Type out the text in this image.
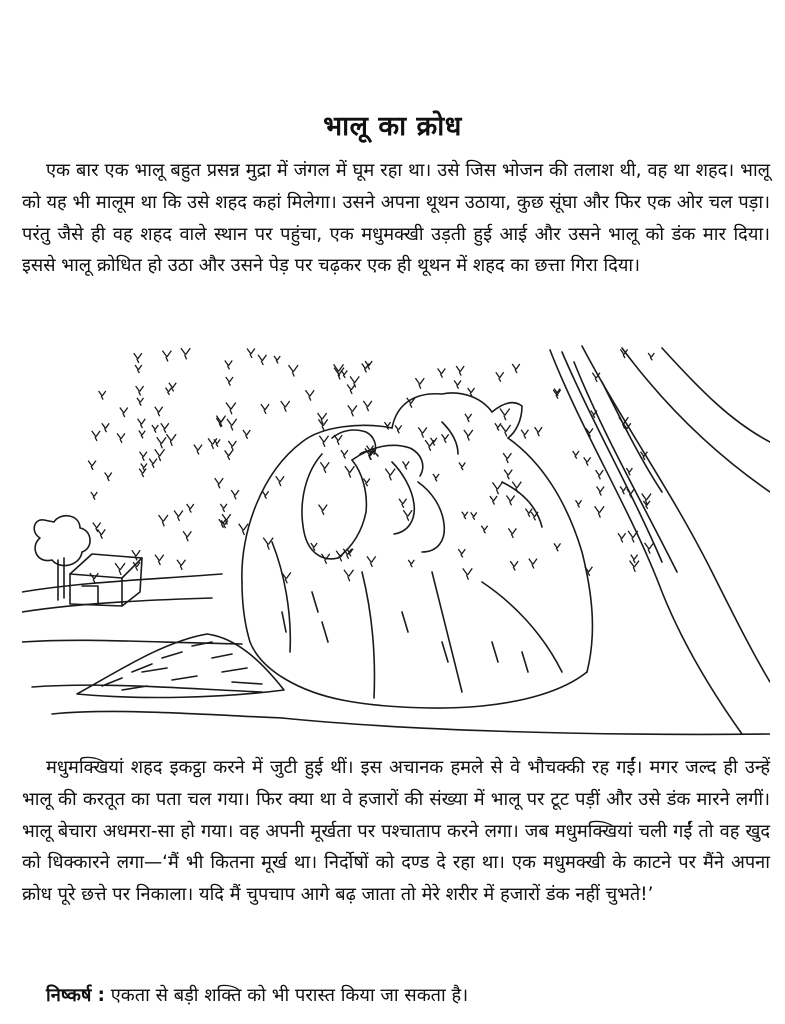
भालू का क्रोध

एक बार एक भालू बहुत प्रसन्न मुद्रा में जंगल में घूम रहा था। उसे जिस भोजन की तलाश थी, वह था शहद। भालू को यह भी मालूम था कि उसे शहद कहां मिलेगा। उसने अपना थूथन उठाया, कुछ सूंघा और फिर एक ओर चल पड़ा। परंतु जैसे ही वह शहद वाले स्थान पर पहुंचा, एक मधुमक्खी उड़ती हुई आई और उसने भालू को डंक मार दिया। इससे भालू क्रोधित हो उठा और उसने पेड़ पर चढ़कर एक ही थूथन में शहद का छत्ता गिरा दिया।

मधुमक्खियां शहद इकट्ठा करने में जुटी हुई थीं। इस अचानक हमले से वे भौचक्की रह गईं। मगर जल्द ही उन्हें भालू की करतूत का पता चल गया। फिर क्या था वे हजारों की संख्या में भालू पर टूट पड़ीं और उसे डंक मारने लगीं। भालू बेचारा अधमरा-सा हो गया। वह अपनी मूर्खता पर पश्चाताप करने लगा। जब मधुमक्खियां चली गईं तो वह खुद को धिक्कारने लगा—‘मैं भी कितना मूर्ख था। निर्दोषों को दण्ड दे रहा था। एक मधुमक्खी के काटने पर मैंने अपना क्रोध पूरे छत्ते पर निकाला। यदि मैं चुपचाप आगे बढ़ जाता तो मेरे शरीर में हजारों डंक नहीं चुभते!’

निष्कर्ष : एकता से बड़ी शक्ति को भी परास्त किया जा सकता है।
